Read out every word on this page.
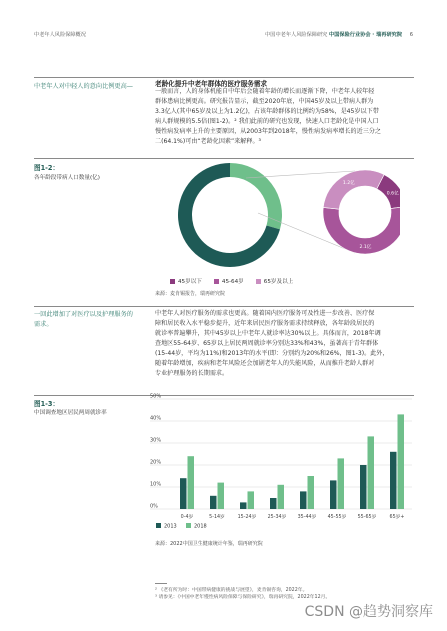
中老年人风险保障概况	中国中老年人风险保障研究 中国保险行业协会 · 瑞再研究院 6
中老年人对中轻人的意向比例更高—	老龄化提升中老年群体的医疗服务需求
一般而言，人的身体机能自中年后会随着年龄的增长而逐渐下降，中老年人较年轻
群体患病比例更高。研究报告显示，截至2020年底，中国45岁及以上带病人群为
3.3亿人(其中65岁及以上为1.2亿)，占该年龄群体的比例约为58%，是45岁以下带
病人群规模的5.5倍(图1-2)。² 我们此前的研究也发现，快速人口老龄化是中国人口
慢性病发病率上升的主要原因，从2003年到2018年，慢性病发病率增长的近三分之
二(64.1%)可由“老龄化因素”来解释。³
图1-2：
各年龄段带病人口数量(亿)
0.6亿
2.1亿
1.2亿
带病人群
(3.3亿)
不带病人群
(7.9亿)
45岁以下	45-64岁	65岁及以上
来源：麦肯锡报告，瑞再研究院
一回此增加了对医疗以及护理服务的
需求。
中老年人对医疗服务的需求也更高。随着国内医疗服务可及性进一步改善、医疗保
障和居民收入水平稳步提升，近年来居民医疗服务需求持续释放，各年龄段居民的
就诊率普遍攀升，其中45岁以上中老年人就诊率达30%以上。具体而言，2018年调
查地区55-64岁、65岁以上居民两周就诊率分别达33%和43%，虽著高于青年群体
(15-44岁，平均为11%)和2013年的水平(即：分别约为20%和26%，图1-3)。此外，
随着年龄增加，疾病和老年风险还会加剧老年人的失能风险，从而推升老龄人群对
专业护理服务的长期需求。
图1-3：
中国调查地区居民两周就诊率
0%
10%
20%
30%
40%
50%
0-4岁	5-14岁	15-24岁 25-34岁 35-44岁 45-55岁 55-65岁	65岁+
2013	2018
来源：2022中国卫生健康统计年鉴，瑞再研究院
² 《老有所为时：中国带病健康的挑战与展望》，麦肯锡咨询，2022年。
³ 请参见：《中国中老年慢性病风险保障与保险研究》，瑞再研究院，2022年12月。
CSDN @趋势洞察库
